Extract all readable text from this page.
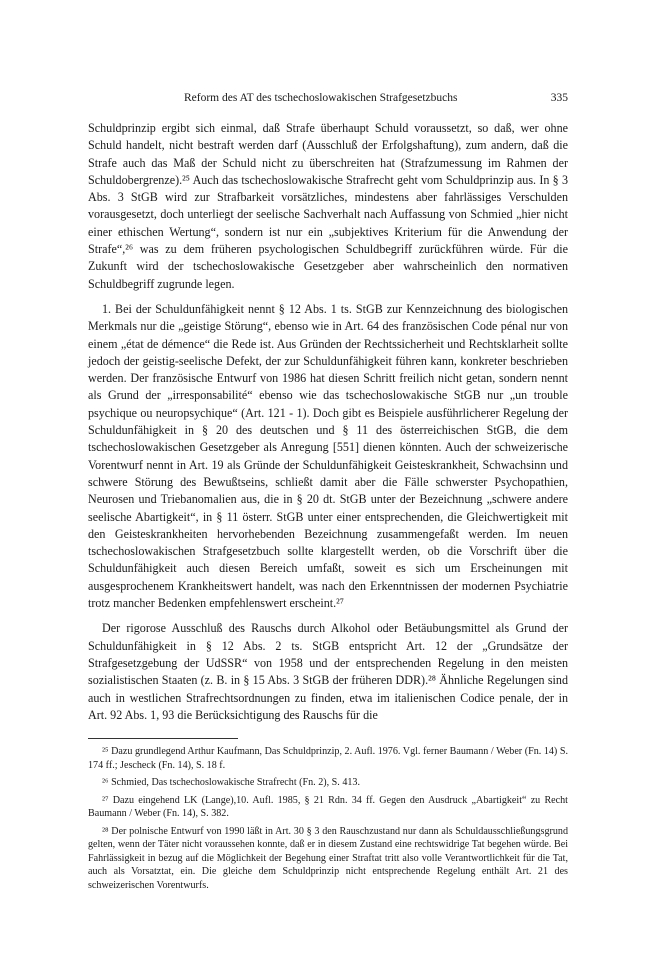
Reform des AT des tschechoslowakischen Strafgesetzbuchs	335

Schuldprinzip ergibt sich einmal, daß Strafe überhaupt Schuld voraussetzt, so daß, wer ohne Schuld handelt, nicht bestraft werden darf (Ausschluß der Erfolgshaftung), zum andern, daß die Strafe auch das Maß der Schuld nicht zu überschreiten hat (Strafzumessung im Rahmen der Schuldobergrenze).²⁵ Auch das tschechoslowakische Strafrecht geht vom Schuldprinzip aus. In § 3 Abs. 3 StGB wird zur Strafbarkeit vorsätzliches, mindestens aber fahrlässiges Verschulden vorausgesetzt, doch unterliegt der seelische Sachverhalt nach Auffassung von Schmied „hier nicht einer ethischen Wertung“, sondern ist nur ein „subjektives Kriterium für die Anwendung der Strafe“,²⁶ was zu dem früheren psychologischen Schuldbegriff zurückführen würde. Für die Zukunft wird der tschechoslowakische Gesetzgeber aber wahrscheinlich den normativen Schuldbegriff zugrunde legen.

1. Bei der Schuldunfähigkeit nennt § 12 Abs. 1 ts. StGB zur Kennzeichnung des biologischen Merkmals nur die „geistige Störung“, ebenso wie in Art. 64 des französischen Code pénal nur von einem „état de démence“ die Rede ist. Aus Gründen der Rechtssicherheit und Rechtsklarheit sollte jedoch der geistig-seelische Defekt, der zur Schuldunfähigkeit führen kann, konkreter beschrieben werden. Der französische Entwurf von 1986 hat diesen Schritt freilich nicht getan, sondern nennt als Grund der „irresponsabilité“ ebenso wie das tschechoslowakische StGB nur „un trouble psychique ou neuropsychique“ (Art. 121 - 1). Doch gibt es Beispiele ausführlicherer Regelung der Schuldunfähigkeit in § 20 des deutschen und § 11 des österreichischen StGB, die dem tschechoslowakischen Gesetzgeber als Anregung [551] dienen könnten. Auch der schweizerische Vorentwurf nennt in Art. 19 als Gründe der Schuldunfähigkeit Geisteskrankheit, Schwachsinn und schwere Störung des Bewußtseins, schließt damit aber die Fälle schwerster Psychopathien, Neurosen und Triebanomalien aus, die in § 20 dt. StGB unter der Bezeichnung „schwere andere seelische Abartigkeit“, in § 11 österr. StGB unter einer entsprechenden, die Gleichwertigkeit mit den Geisteskrankheiten hervorhebenden Bezeichnung zusammengefaßt werden. Im neuen tschechoslowakischen Strafgesetzbuch sollte klargestellt werden, ob die Vorschrift über die Schuldunfähigkeit auch diesen Bereich umfaßt, soweit es sich um Erscheinungen mit ausgesprochenem Krankheitswert handelt, was nach den Erkenntnissen der modernen Psychiatrie trotz mancher Bedenken empfehlenswert erscheint.²⁷

Der rigorose Ausschluß des Rauschs durch Alkohol oder Betäubungsmittel als Grund der Schuldunfähigkeit in § 12 Abs. 2 ts. StGB entspricht Art. 12 der „Grundsätze der Strafgesetzgebung der UdSSR“ von 1958 und der entsprechenden Regelung in den meisten sozialistischen Staaten (z. B. in § 15 Abs. 3 StGB der früheren DDR).²⁸ Ähnliche Regelungen sind auch in westlichen Strafrechtsordnungen zu finden, etwa im italienischen Codice penale, der in Art. 92 Abs. 1, 93 die Berücksichtigung des Rauschs für die

²⁵ Dazu grundlegend Arthur Kaufmann, Das Schuldprinzip, 2. Aufl. 1976. Vgl. ferner Baumann / Weber (Fn. 14) S. 174 ff.; Jescheck (Fn. 14), S. 18 f.
²⁶ Schmied, Das tschechoslowakische Strafrecht (Fn. 2), S. 413.
²⁷ Dazu eingehend LK (Lange),10. Aufl. 1985, § 21 Rdn. 34 ff. Gegen den Ausdruck „Abartigkeit“ zu Recht Baumann / Weber (Fn. 14), S. 382.
²⁸ Der polnische Entwurf von 1990 läßt in Art. 30 § 3 den Rauschzustand nur dann als Schuldausschließungsgrund gelten, wenn der Täter nicht voraussehen konnte, daß er in diesem Zustand eine rechtswidrige Tat begehen würde. Bei Fahrlässigkeit in bezug auf die Möglichkeit der Begehung einer Straftat tritt also volle Verantwortlichkeit für die Tat, auch als Vorsatztat, ein. Die gleiche dem Schuldprinzip nicht entsprechende Regelung enthält Art. 21 des schweizerischen Vorentwurfs.
